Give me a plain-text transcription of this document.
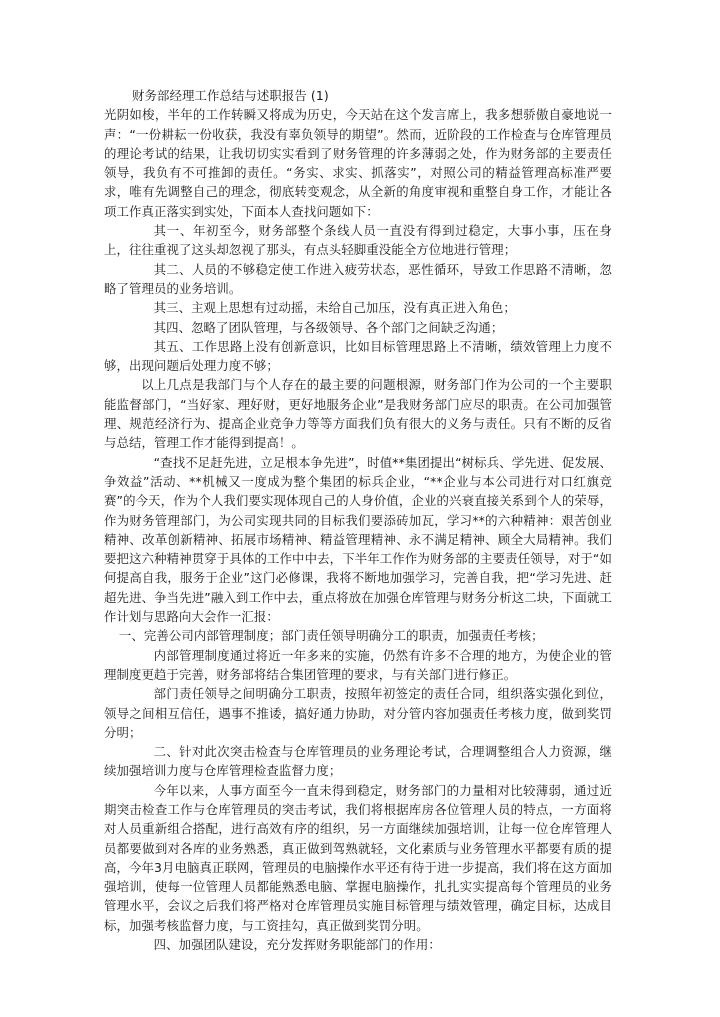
财务部经理工作总结与述职报告 (1)

光阴如梭，半年的工作转瞬又将成为历史，今天站在这个发言席上，我多想骄傲自豪地说一声：“一份耕耘一份收获，我没有辜负领导的期望”。然而，近阶段的工作检查与仓库管理员的理论考试的结果，让我切切实实看到了财务管理的许多薄弱之处，作为财务部的主要责任领导，我负有不可推卸的责任。“务实、求实、抓落实”，对照公司的精益管理高标准严要求，唯有先调整自己的理念，彻底转变观念，从全新的角度审视和重整自身工作，才能让各项工作真正落实到实处，下面本人查找问题如下：

其一、年初至今，财务部整个条线人员一直没有得到过稳定，大事小事，压在身上，往往重视了这头却忽视了那头，有点头轻脚重没能全方位地进行管理；

其二、人员的不够稳定使工作进入疲劳状态，恶性循环，导致工作思路不清晰，忽略了管理员的业务培训。

其三、主观上思想有过动摇，未给自己加压，没有真正进入角色；

其四、忽略了团队管理，与各级领导、各个部门之间缺乏沟通；

其五、工作思路上没有创新意识，比如目标管理思路上不清晰，绩效管理上力度不够，出现问题后处理力度不够；

以上几点是我部门与个人存在的最主要的问题根源，财务部门作为公司的一个主要职能监督部门，“当好家、理好财，更好地服务企业”是我财务部门应尽的职责。在公司加强管理、规范经济行为、提高企业竞争力等等方面我们负有很大的义务与责任。只有不断的反省与总结，管理工作才能得到提高！。

“查找不足赶先进，立足根本争先进”，时值**集团提出“树标兵、学先进、促发展、争效益”活动、**机械又一度成为整个集团的标兵企业，“**企业与本公司进行对口红旗竞赛”的今天，作为个人我们要实现体现自己的人身价值，企业的兴衰直接关系到个人的荣辱，作为财务管理部门，为公司实现共同的目标我们要添砖加瓦，学习**的六种精神：艰苦创业精神、改革创新精神、拓展市场精神、精益管理精神、永不满足精神、顾全大局精神。我们要把这六种精神贯穿于具体的工作中中去，下半年工作作为财务部的主要责任领导，对于“如何提高自我，服务于企业”这门必修课，我将不断地加强学习，完善自我，把“学习先进、赶超先进、争当先进”融入到工作中去，重点将放在加强仓库管理与财务分析这二块，下面就工作计划与思路向大会作一汇报：

一、完善公司内部管理制度；部门责任领导明确分工的职责，加强责任考核；

内部管理制度通过将近一年多来的实施，仍然有许多不合理的地方，为使企业的管理制度更趋于完善，财务部将结合集团管理的要求，与有关部门进行修正。

部门责任领导之间明确分工职责，按照年初签定的责任合同，组织落实强化到位，领导之间相互信任，遇事不推诿，搞好通力协助，对分管内容加强责任考核力度，做到奖罚分明；

二、针对此次突击检查与仓库管理员的业务理论考试，合理调整组合人力资源，继续加强培训力度与仓库管理检查监督力度；

今年以来，人事方面至今一直未得到稳定，财务部门的力量相对比较薄弱，通过近期突击检查工作与仓库管理员的突击考试，我们将根据库房各位管理人员的特点，一方面将对人员重新组合搭配，进行高效有序的组织，另一方面继续加强培训，让每一位仓库管理人员都要做到对各库的业务熟悉，真正做到驾熟就轻，文化素质与业务管理水平都要有质的提高，今年3月电脑真正联网，管理员的电脑操作水平还有待于进一步提高，我们将在这方面加强培训，使每一位管理人员都能熟悉电脑、掌握电脑操作，扎扎实实提高每个管理员的业务管理水平，会议之后我们将严格对仓库管理员实施目标管理与绩效管理，确定目标，达成目标，加强考核监督力度，与工资挂勾，真正做到奖罚分明。

四、加强团队建设，充分发挥财务职能部门的作用：
